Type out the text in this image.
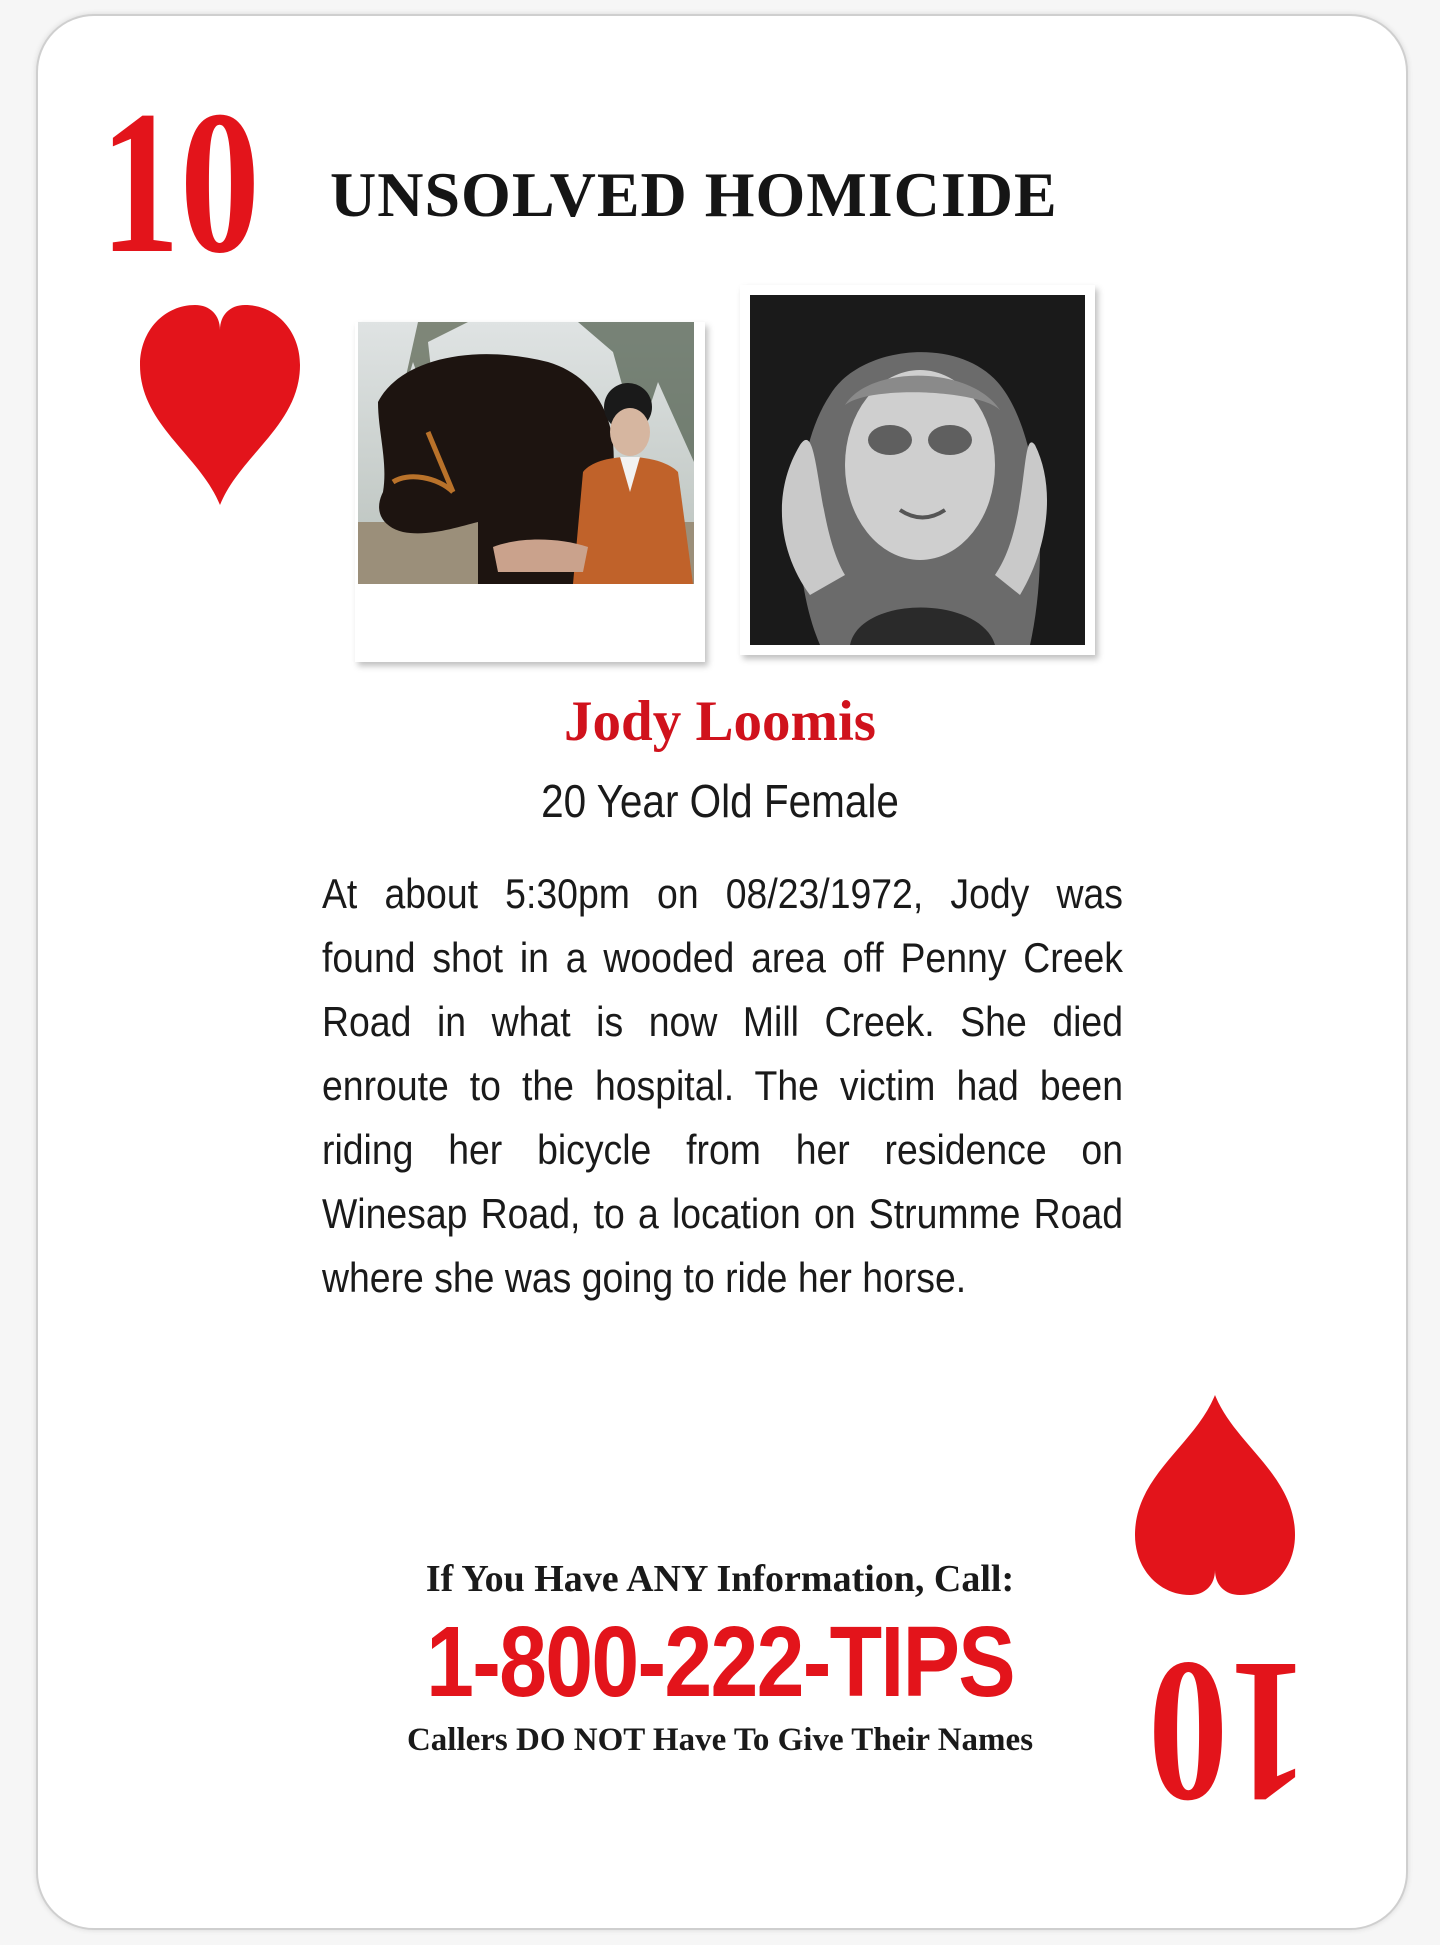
10 UNSOLVED HOMICIDE
Jody Loomis
20 Year Old Female
At about 5:30pm on 08/23/1972, Jody was found shot in a wooded area off Penny Creek Road in what is now Mill Creek. She died enroute to the hospital. The victim had been riding her bicycle from her residence on Winesap Road, to a location on Strumme Road where she was going to ride her horse.
10
If You Have ANY Information, Call:
1-800-222-TIPS
Callers DO NOT Have To Give Their Names
